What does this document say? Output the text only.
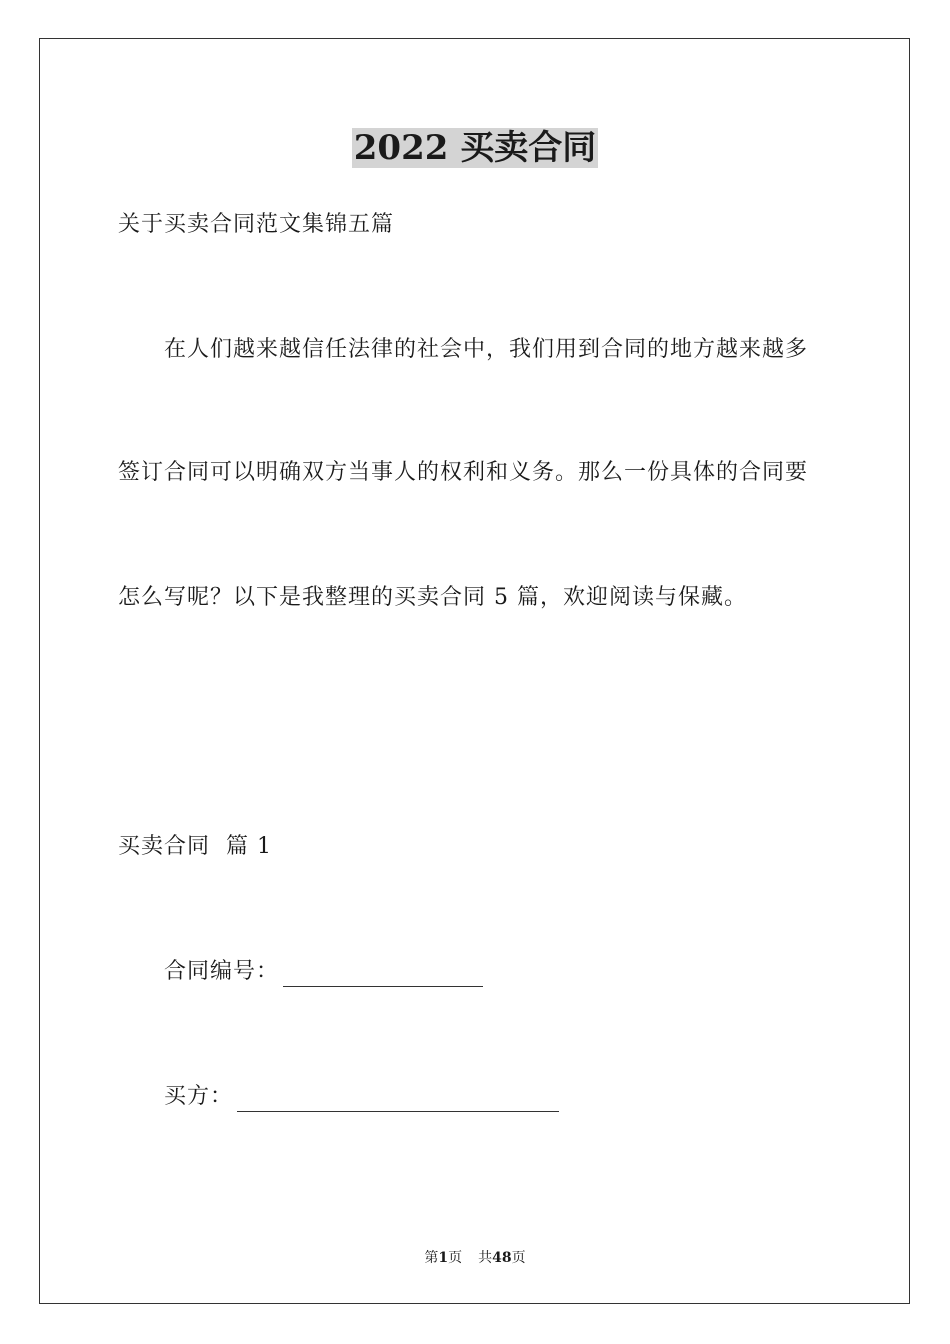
2022 买卖合同
关于买卖合同范文集锦五篇
在人们越来越信任法律的社会中，我们用到合同的地方越来越多
签订合同可以明确双方当事人的权利和义务。那么一份具体的合同要
怎么写呢？以下是我整理的买卖合同 5 篇，欢迎阅读与保藏。
买卖合同  篇 1
合同编号：
买方：
第1页 共48页
